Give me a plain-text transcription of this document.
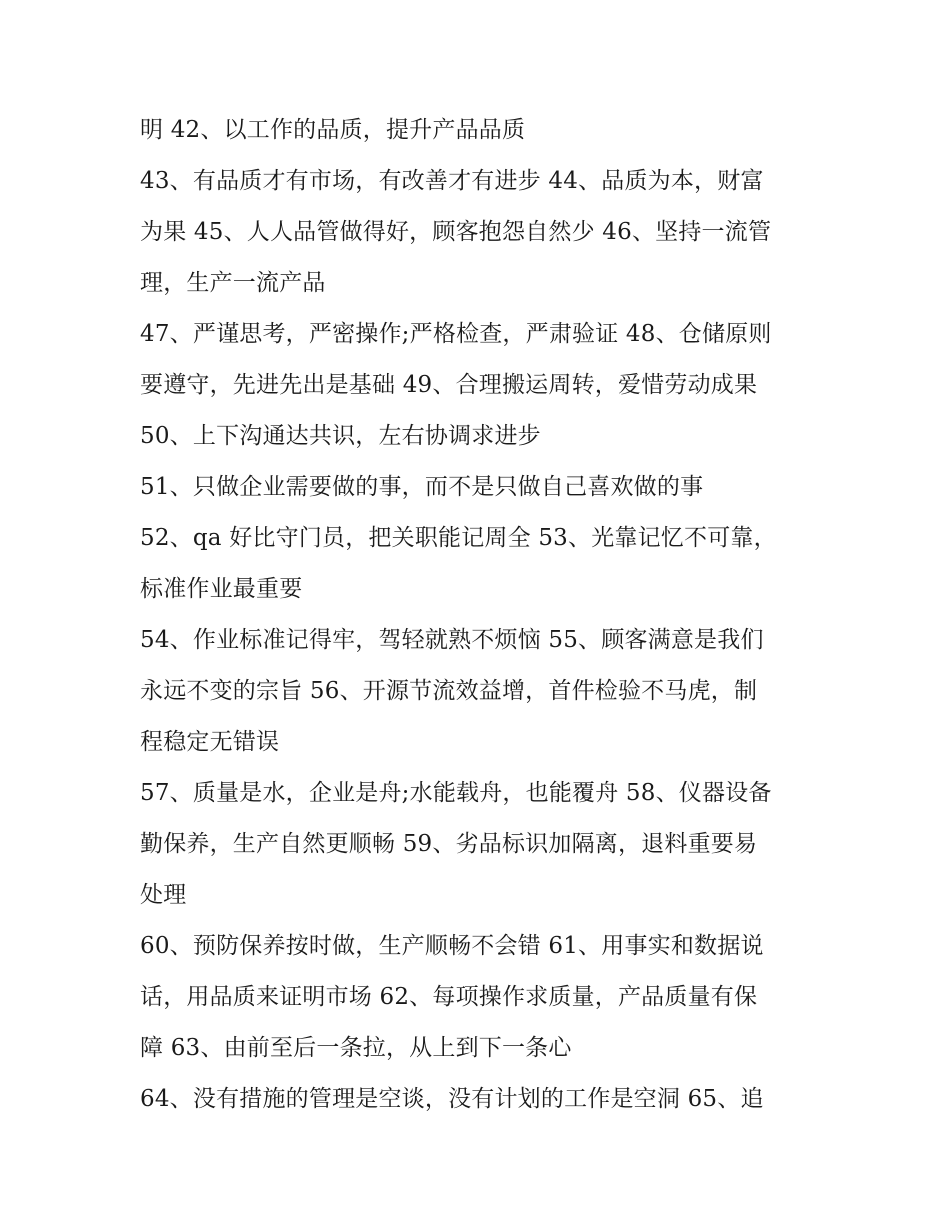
明 42、以工作的品质，提升产品品质
43、有品质才有市场，有改善才有进步 44、品质为本，财富
为果 45、人人品管做得好，顾客抱怨自然少 46、坚持一流管
理，生产一流产品
47、严谨思考，严密操作;严格检查，严肃验证 48、仓储原则
要遵守，先进先出是基础 49、合理搬运周转，爱惜劳动成果
50、上下沟通达共识，左右协调求进步
51、只做企业需要做的事，而不是只做自己喜欢做的事
52、qa 好比守门员，把关职能记周全 53、光靠记忆不可靠，
标准作业最重要
54、作业标准记得牢，驾轻就熟不烦恼 55、顾客满意是我们
永远不变的宗旨 56、开源节流效益增，首件检验不马虎，制
程稳定无错误
57、质量是水，企业是舟;水能载舟，也能覆舟 58、仪器设备
勤保养，生产自然更顺畅 59、劣品标识加隔离，退料重要易
处理
60、预防保养按时做，生产顺畅不会错 61、用事实和数据说
话，用品质来证明市场 62、每项操作求质量，产品质量有保
障 63、由前至后一条拉，从上到下一条心
64、没有措施的管理是空谈，没有计划的工作是空洞 65、追
